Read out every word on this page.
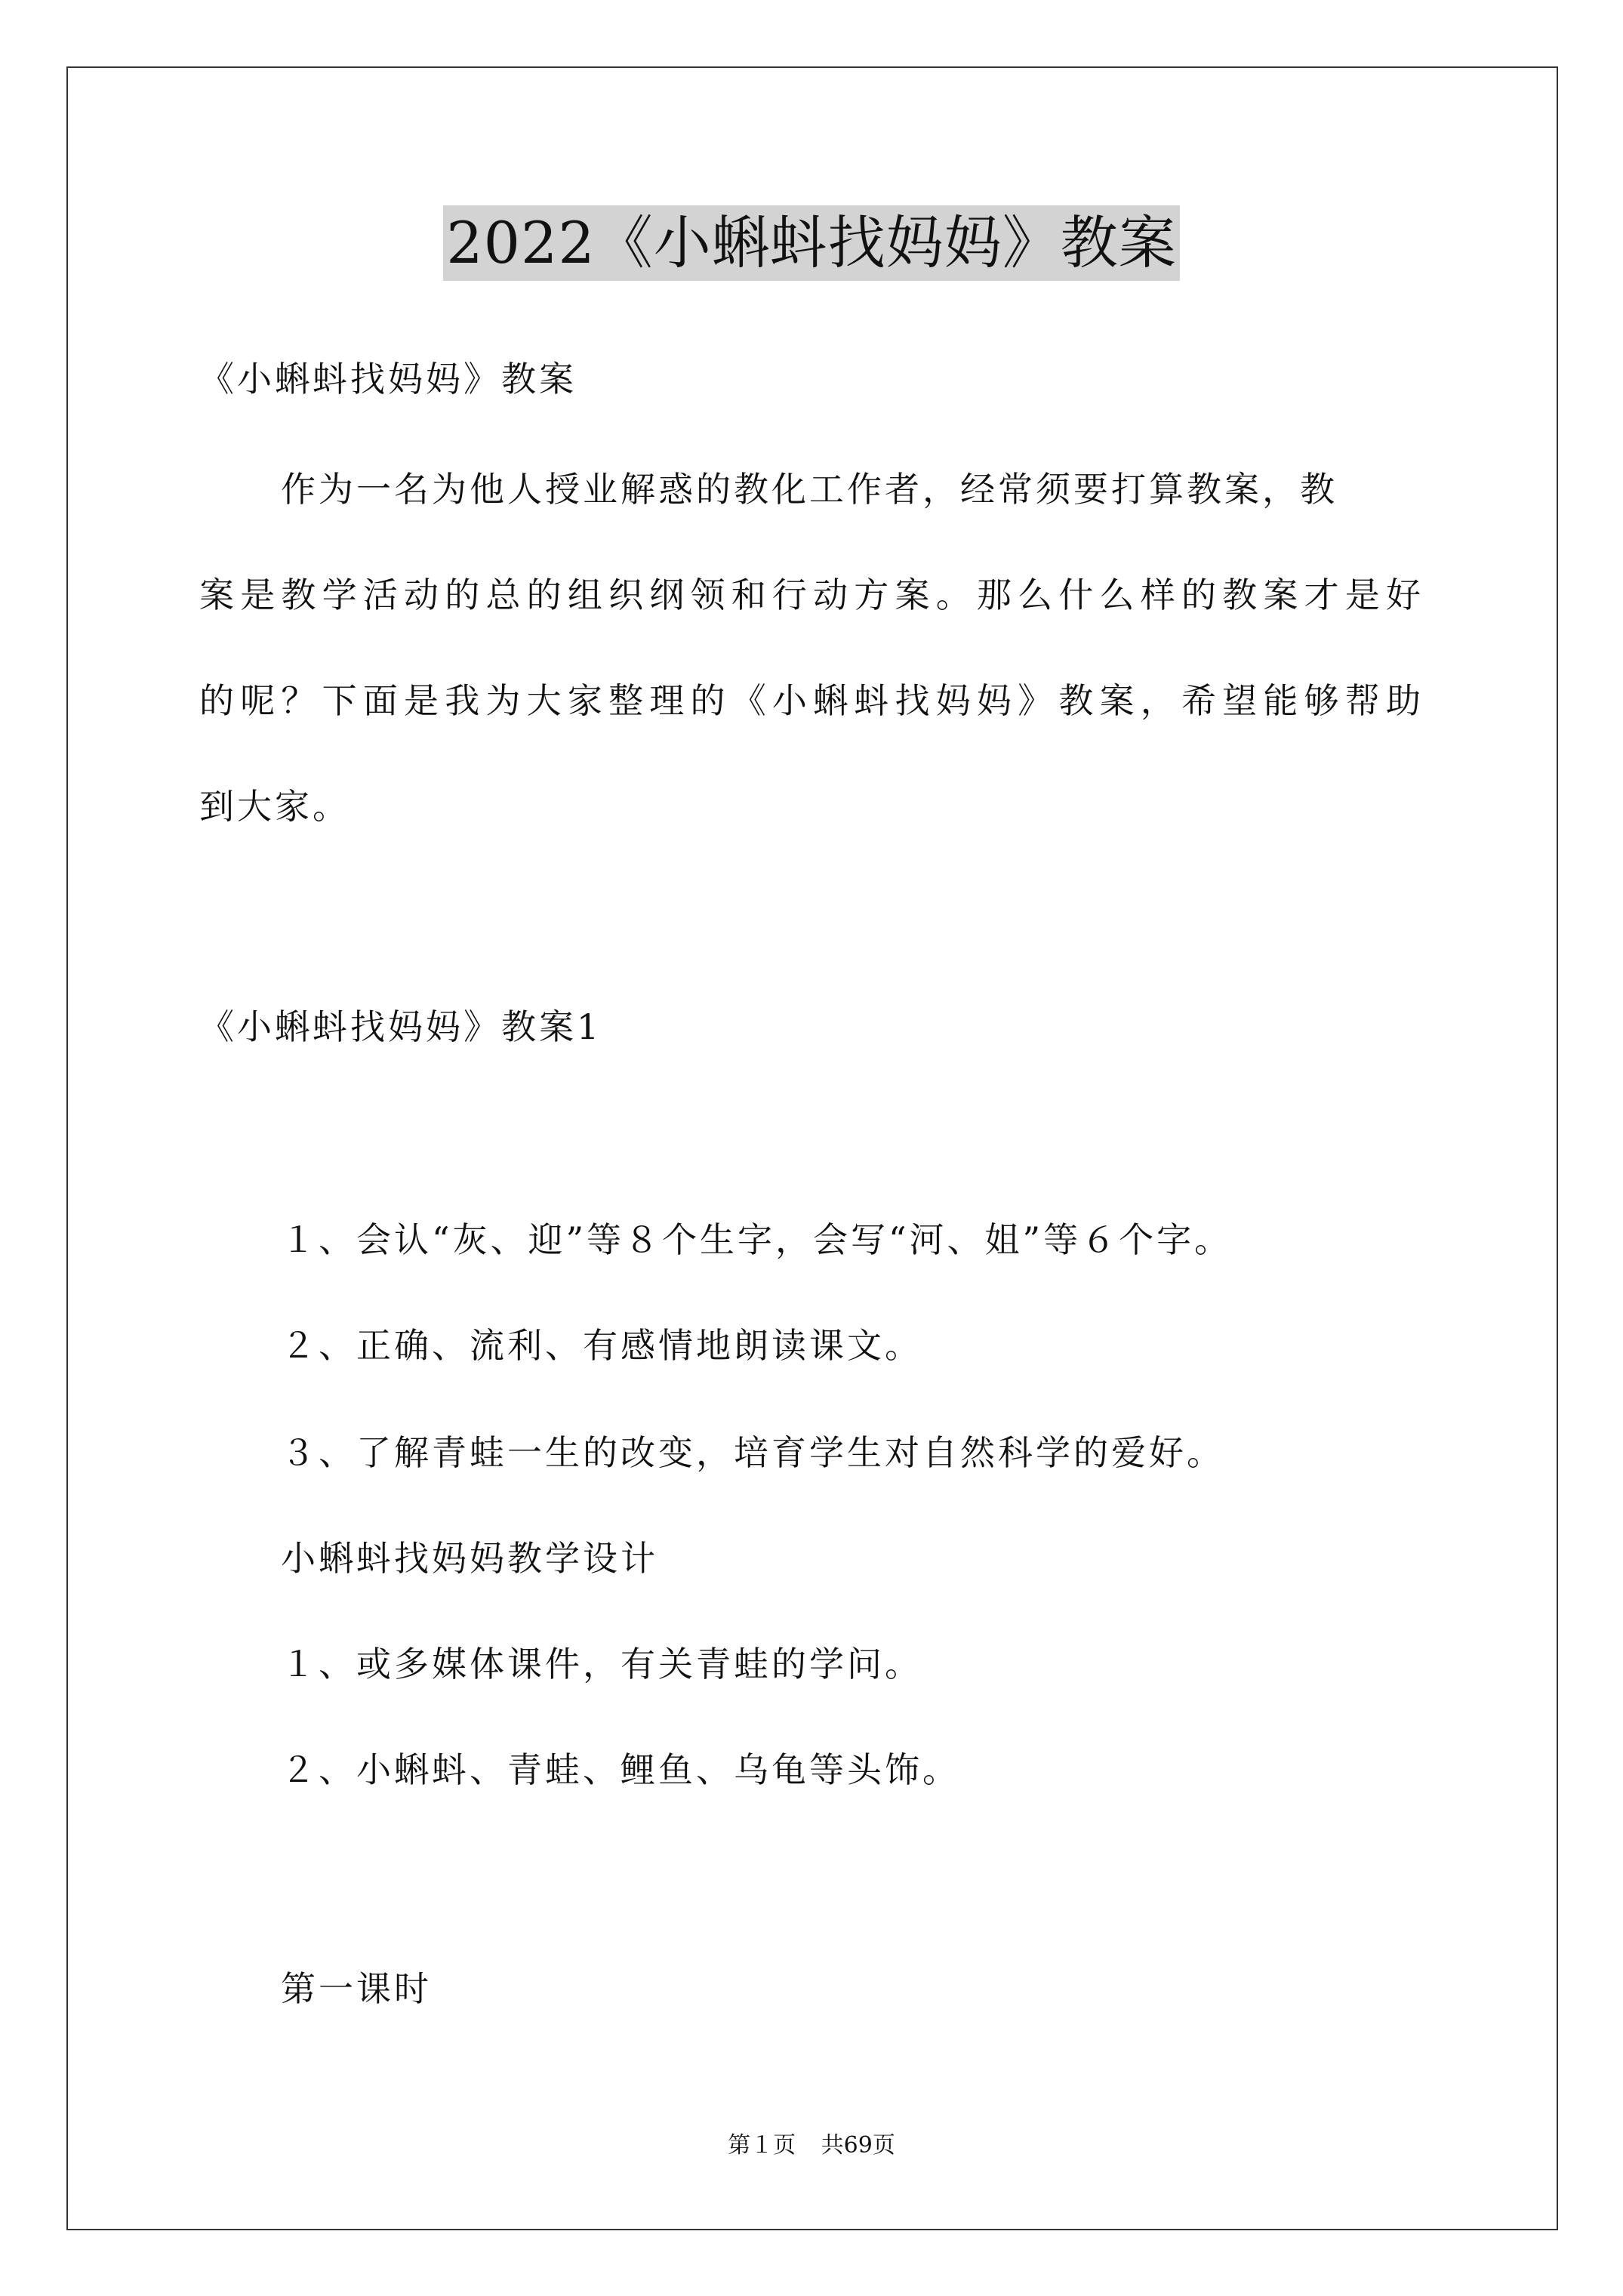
2022《小蝌蚪找妈妈》教案
《小蝌蚪找妈妈》教案
作为一名为他人授业解惑的教化工作者，经常须要打算教案，教
案是教学活动的总的组织纲领和行动方案。那么什么样的教案才是好
的呢？下面是我为大家整理的《小蝌蚪找妈妈》教案，希望能够帮助
到大家。
《小蝌蚪找妈妈》教案1
１、会认“灰、迎”等８个生字，会写“河、姐”等６个字。
２、正确、流利、有感情地朗读课文。
３、了解青蛙一生的改变，培育学生对自然科学的爱好。
小蝌蚪找妈妈教学设计
１、或多媒体课件，有关青蛙的学问。
２、小蝌蚪、青蛙、鲤鱼、乌龟等头饰。
第一课时
第１页 共69页
